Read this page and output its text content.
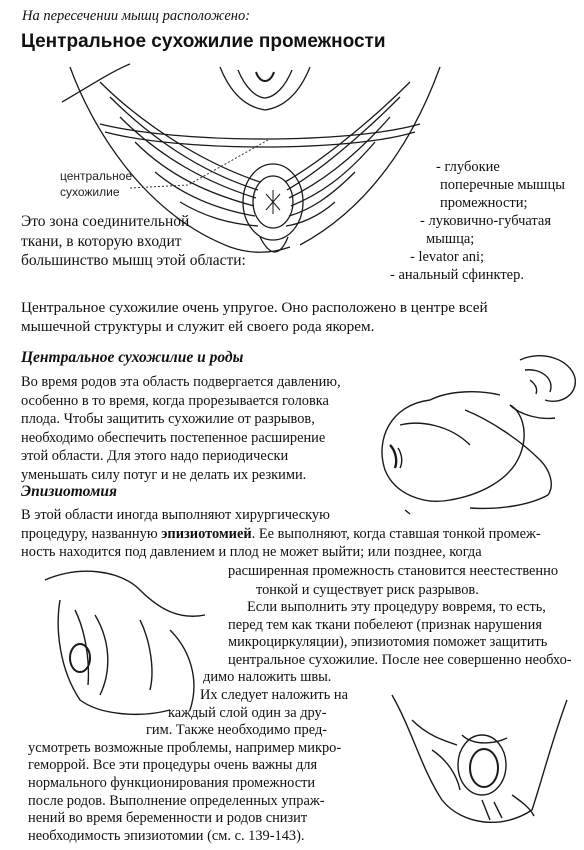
На пересечении мышц расположено:
Центральное сухожилие промежности
центральное
сухожилие
Это зона соединительной
ткани, в которую входит
большинство мышц этой области:
- глубокие
поперечные мышцы
промежности;
- луковично-губчатая
мышца;
- levator ani;
- анальный сфинктер.
Центральное сухожилие очень упругое. Оно расположено в центре всей
мышечной структуры и служит ей своего рода якорем.
Центральное сухожилие и роды
Во время родов эта область подвергается давлению,
особенно в то время, когда прорезывается головка
плода. Чтобы защитить сухожилие от разрывов,
необходимо обеспечить постепенное расширение
этой области. Для этого надо периодически
уменьшать силу потуг и не делать их резкими.
Эпизиотомия
В этой области иногда выполняют хирургическую
процедуру, названную эпизиотомией. Ее выполняют, когда ставшая тонкой промеж-
ность находится под давлением и плод не может выйти; или позднее, когда
расширенная промежность становится неестественно
тонкой и существует риск разрывов.
Если выполнить эту процедуру вовремя, то есть,
перед тем как ткани побелеют (признак нарушения
микроциркуляции), эпизиотомия поможет защитить
центральное сухожилие. После нее совершенно необхо-
димо наложить швы.
Их следует наложить на
каждый слой один за дру-
гим. Также необходимо пред-
усмотреть возможные проблемы, например микро-
геморрой. Все эти процедуры очень важны для
нормального функционирования промежности
после родов. Выполнение определенных упраж-
нений во время беременности и родов снизит
необходимость эпизиотомии (см. с. 139-143).
